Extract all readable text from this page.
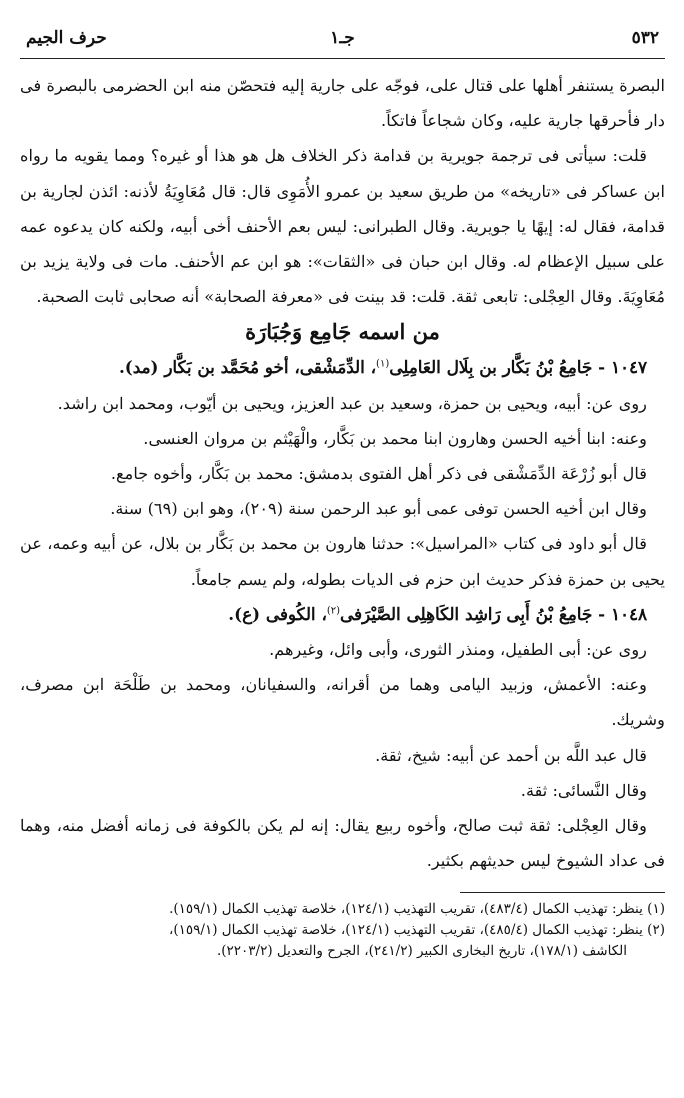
٥٣٢
جـ١
حرف الجيم

البصرة يستنفر أهلها على قتال على، فوجّه على جارية إليه فتحصّن منه ابن الحضرمى بالبصرة فى دار فأحرقها جارية عليه، وكان شجاعاً فاتكاً.

قلت: سيأتى فى ترجمة جويرية بن قدامة ذكر الخلاف هل هو هذا أو غيره؟ ومما يقويه ما رواه ابن عساكر فى «تاريخه» من طريق سعيد بن عمرو الأُمَوِى قال: قال مُعَاوِيَةُ لأذنه: ائذن لجارية بن قدامة، فقال له: إيهًا يا جويرية. وقال الطبرانى: ليس بعم الأحنف أخى أبيه، ولكنه كان يدعوه عمه على سبيل الإعظام له. وقال ابن حبان فى «الثقات»: هو ابن عم الأحنف. مات فى ولاية يزيد بن مُعَاوِيَةَ. وقال العِجْلى: تابعى ثقة. قلت: قد بينت فى «معرفة الصحابة» أنه صحابى ثابت الصحبة.

من اسمه جَامِع وَجُبَارَة

١٠٤٧ - جَامِعُ بْنُ بَكَّار بن بِلَال العَامِلِى$^{(١)}$، الدِّمَشْقى، أخو مُحَمَّد بن بَكَّار (مد).

روى عن: أبيه، ويحيى بن حمزة، وسعيد بن عبد العزيز، ويحيى بن أيّوب، ومحمد ابن راشد.

وعنه: ابنا أخيه الحسن وهارون ابنا محمد بن بَكَّار، والْهَيْثم بن مروان العنسى.

قال أبو زُرْعَة الدِّمَشْقى فى ذكر أهل الفتوى بدمشق: محمد بن بَكَّار، وأخوه جامع.

وقال ابن أخيه الحسن توفى عمى أبو عبد الرحمن سنة (٢٠٩)، وهو ابن (٦٩) سنة.

قال أبو داود فى كتاب «المراسيل»: حدثنا هارون بن محمد بن بَكَّار بن بلال، عن أبيه وعمه، عن يحيى بن حمزة فذكر حديث ابن حزم فى الديات بطوله، ولم يسم جامعاً.

١٠٤٨ - جَامِعُ بْنُ أَبِى رَاشِد الكَاهِلِى الصَّيْرَفى$^{(٢)}$، الكُوفى (ع).

روى عن: أبى الطفيل، ومنذر الثورى، وأبى وائل، وغيرهم.

وعنه: الأعمش، وزبيد اليامى وهما من أقرانه، والسفيانان، ومحمد بن طَلْحَة ابن مصرف، وشريك.

قال عبد اللَّه بن أحمد عن أبيه: شيخ، ثقة.

وقال النَّسائى: ثقة.

وقال العِجْلى: ثقة ثبت صالح، وأخوه ربيع يقال: إنه لم يكن بالكوفة فى زمانه أفضل منه، وهما فى عداد الشيوخ ليس حديثهم بكثير.

(١) ينظر: تهذيب الكمال (٤٨٣/٤)، تقريب التهذيب (١٢٤/١)، خلاصة تهذيب الكمال (١٥٩/١).

(٢) ينظر: تهذيب الكمال (٤٨٥/٤)، تقريب التهذيب (١٢٤/١)، خلاصة تهذيب الكمال (١٥٩/١)،

الكاشف (١٧٨/١)، تاريخ البخارى الكبير (٢٤١/٢)، الجرح والتعديل (٢٢٠٣/٢).
